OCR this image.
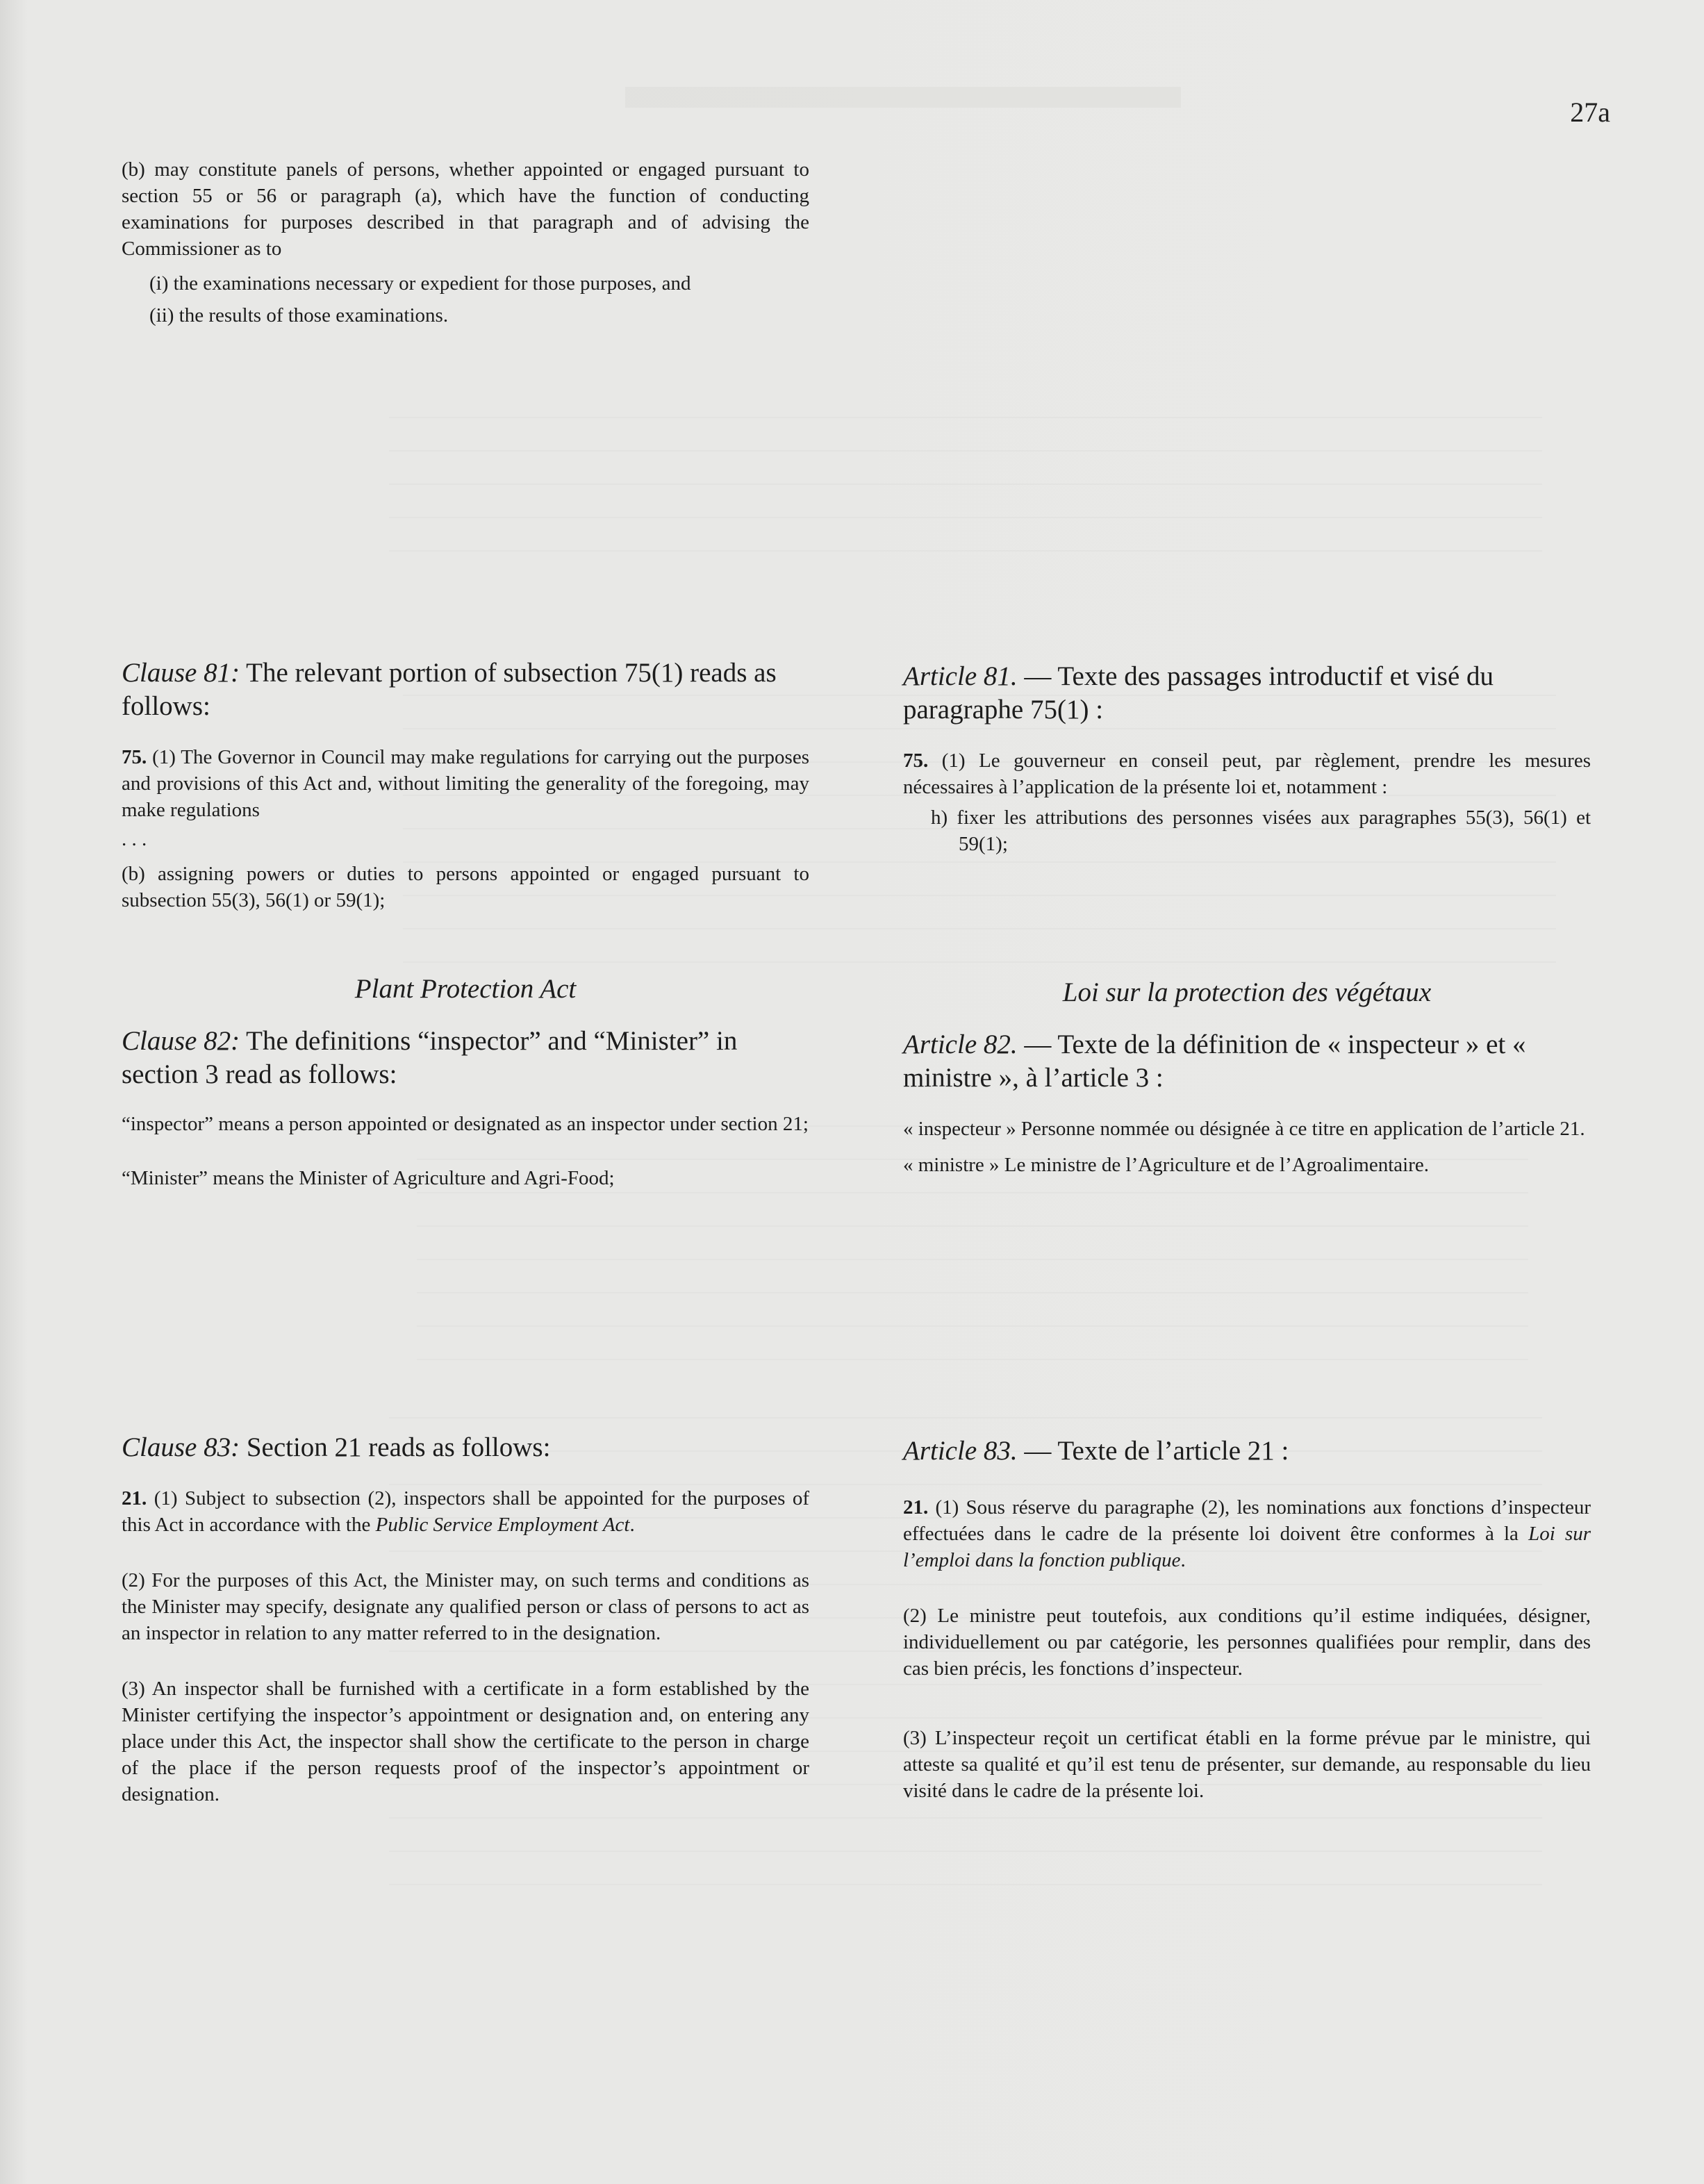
27a

(b) may constitute panels of persons, whether appointed or engaged pursuant to section 55 or 56 or paragraph (a), which have the function of conducting examinations for purposes described in that paragraph and of advising the Commissioner as to

(i) the examinations necessary or expedient for those purposes, and

(ii) the results of those examinations.

Clause 81: The relevant portion of subsection 75(1) reads as follows:

75. (1) The Governor in Council may make regulations for carrying out the purposes and provisions of this Act and, without limiting the generality of the foregoing, may make regulations

. . .

(b) assigning powers or duties to persons appointed or engaged pursuant to subsection 55(3), 56(1) or 59(1);

Plant Protection Act

Clause 82: The definitions “inspector” and “Minister” in section 3 read as follows:

“inspector” means a person appointed or designated as an inspector under section 21;

“Minister” means the Minister of Agriculture and Agri-Food;

Clause 83: Section 21 reads as follows:

21. (1) Subject to subsection (2), inspectors shall be appointed for the purposes of this Act in accordance with the Public Service Employment Act.

(2) For the purposes of this Act, the Minister may, on such terms and conditions as the Minister may specify, designate any qualified person or class of persons to act as an inspector in relation to any matter referred to in the designation.

(3) An inspector shall be furnished with a certificate in a form established by the Minister certifying the inspector’s appointment or designation and, on entering any place under this Act, the inspector shall show the certificate to the person in charge of the place if the person requests proof of the inspector’s appointment or designation.

Article 81. — Texte des passages introductif et visé du paragraphe 75(1) :

75. (1) Le gouverneur en conseil peut, par règlement, prendre les mesures nécessaires à l’application de la présente loi et, notamment :

h) fixer les attributions des personnes visées aux paragraphes 55(3), 56(1) et 59(1);

Loi sur la protection des végétaux

Article 82. — Texte de la définition de « inspecteur » et « ministre », à l’article 3 :

« inspecteur » Personne nommée ou désignée à ce titre en application de l’article 21.

« ministre » Le ministre de l’Agriculture et de l’Agroalimentaire.

Article 83. — Texte de l’article 21 :

21. (1) Sous réserve du paragraphe (2), les nominations aux fonctions d’inspecteur effectuées dans le cadre de la présente loi doivent être conformes à la Loi sur l’emploi dans la fonction publique.

(2) Le ministre peut toutefois, aux conditions qu’il estime indiquées, désigner, individuellement ou par catégorie, les personnes qualifiées pour remplir, dans des cas bien précis, les fonctions d’inspecteur.

(3) L’inspecteur reçoit un certificat établi en la forme prévue par le ministre, qui atteste sa qualité et qu’il est tenu de présenter, sur demande, au responsable du lieu visité dans le cadre de la présente loi.
